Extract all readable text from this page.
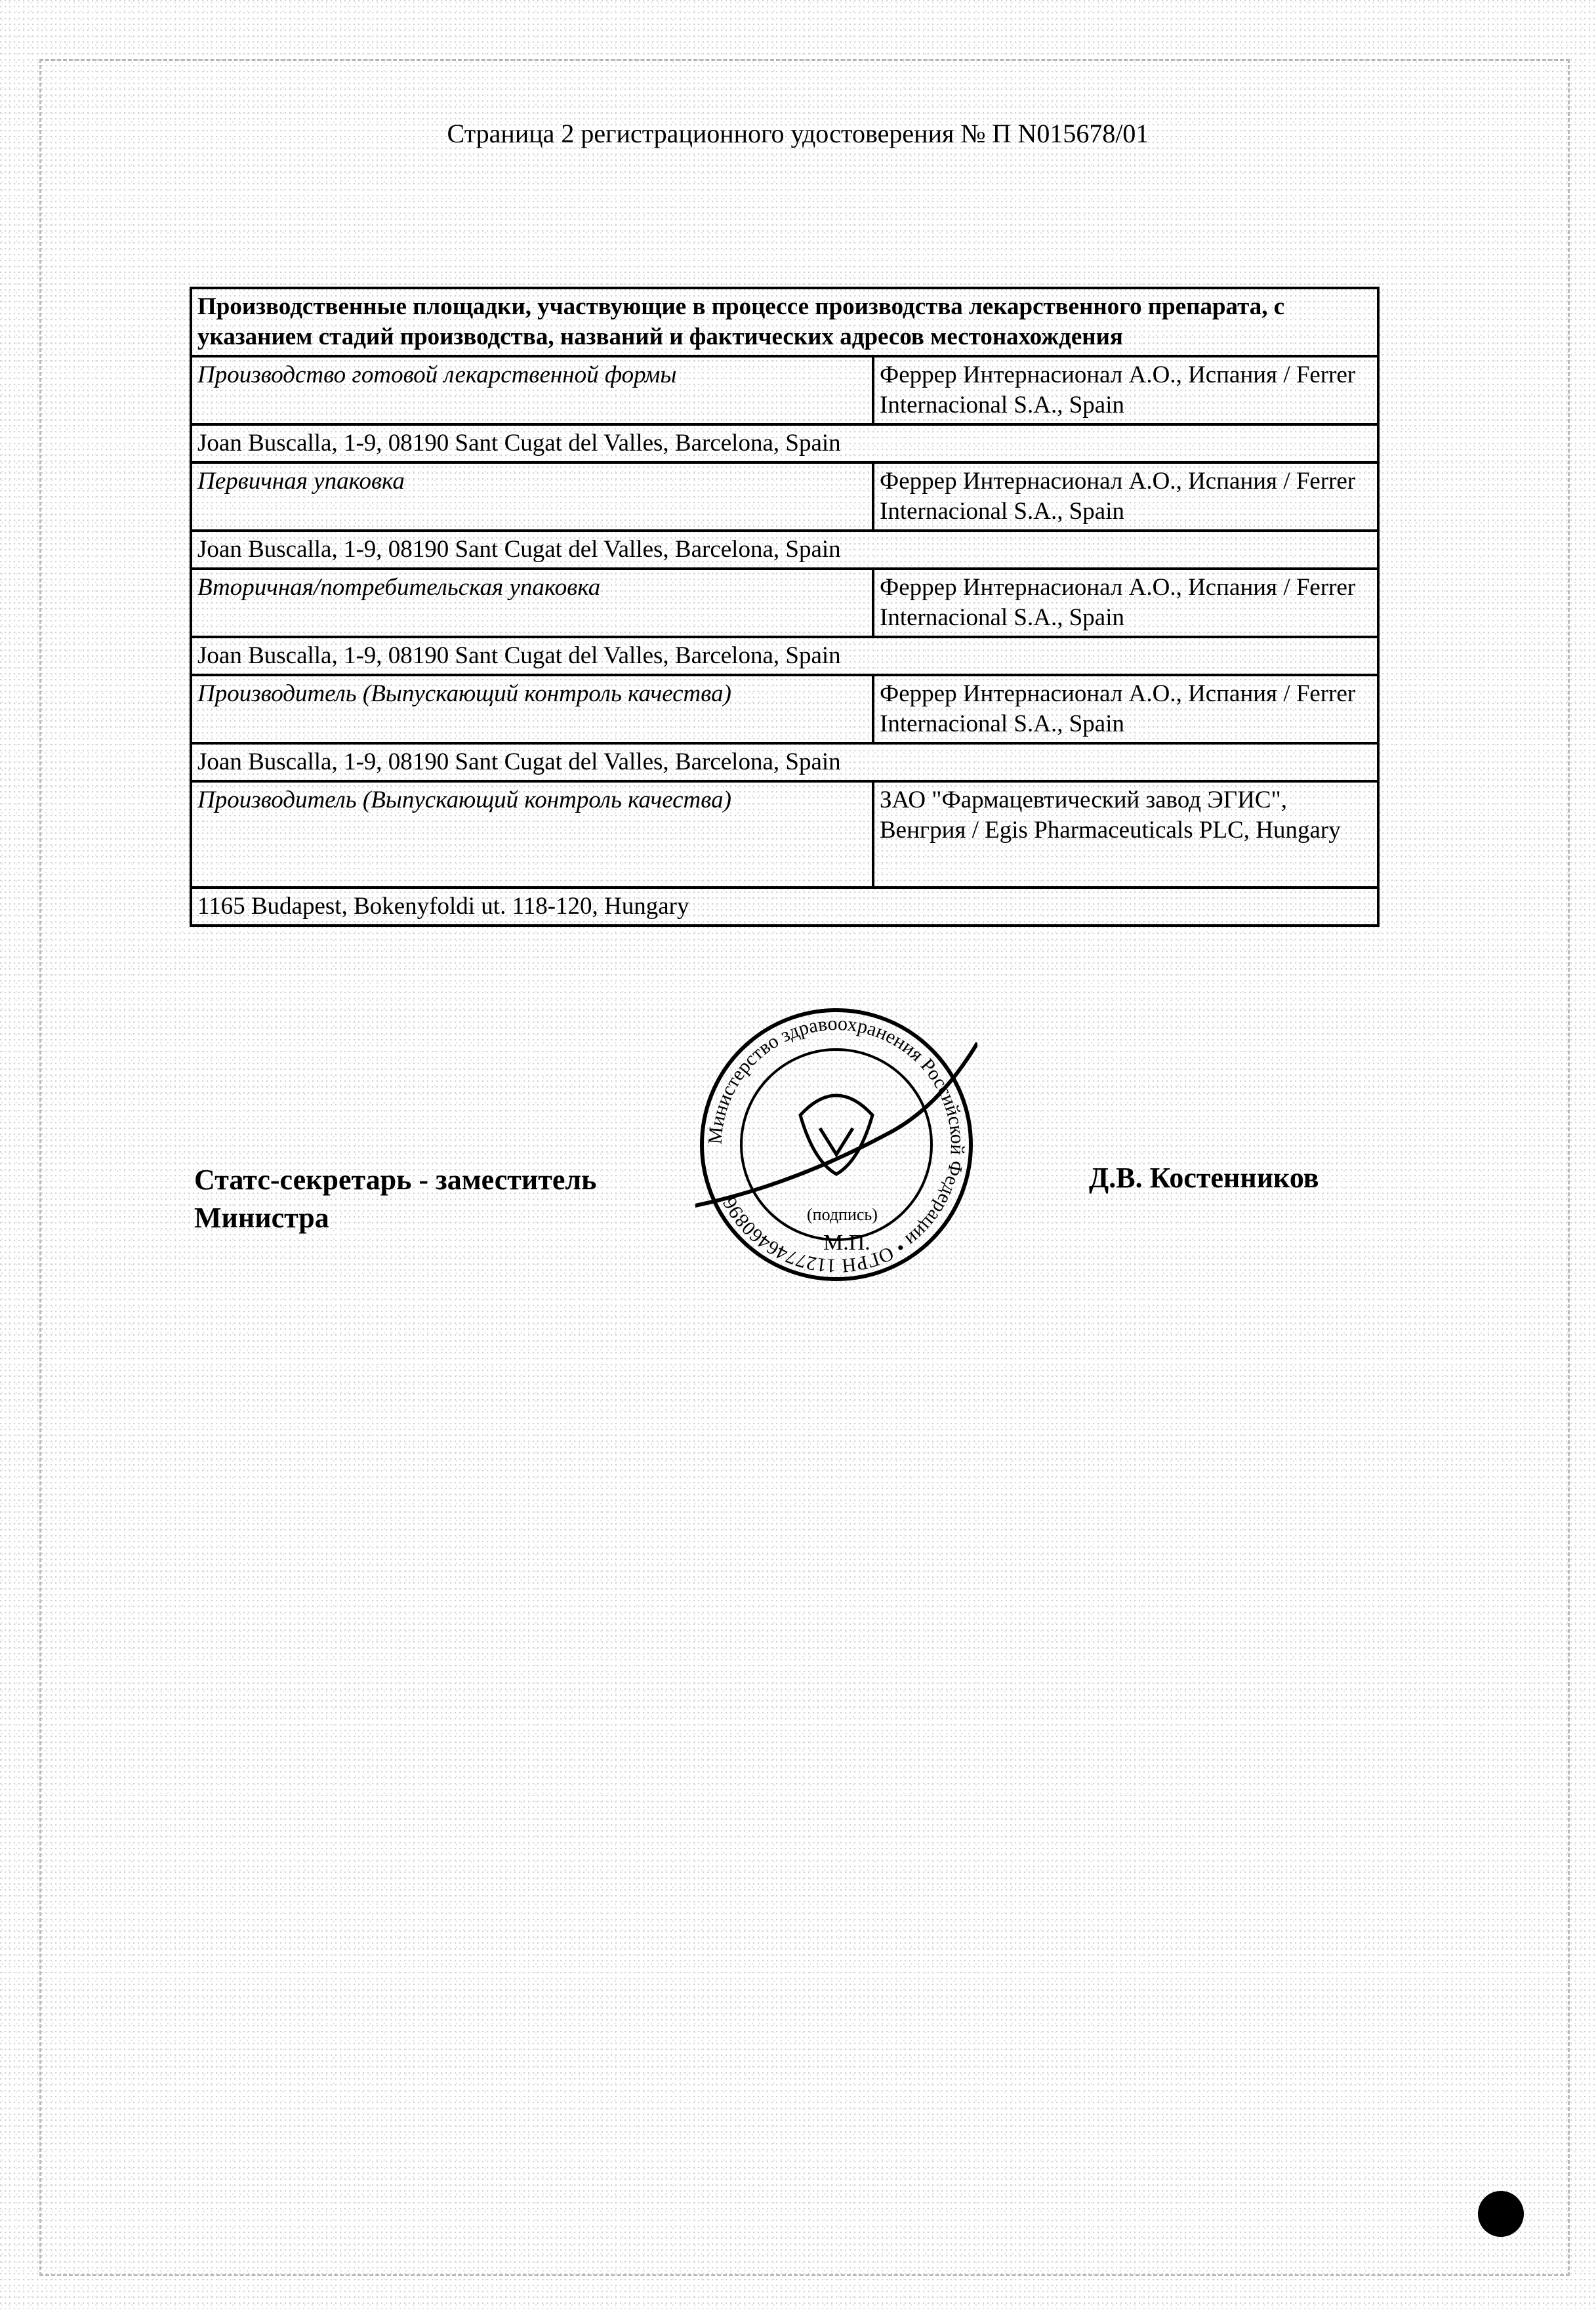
Страница 2 регистрационного удостоверения № П N015678/01
Производственные площадки, участвующие в процессе производства лекарственного препарата, с указанием стадий производства, названий и фактических адресов местонахождения	
Производство готовой лекарственной формы	Феррер Интернасионал А.О., Испания / Ferrer Internacional S.A., Spain
Joan Buscalla, 1-9, 08190 Sant Cugat del Valles, Barcelona, Spain	
Первичная упаковка	Феррер Интернасионал А.О., Испания / Ferrer Internacional S.A., Spain
Joan Buscalla, 1-9, 08190 Sant Cugat del Valles, Barcelona, Spain	
Вторичная/потребительская упаковка	Феррер Интернасионал А.О., Испания / Ferrer Internacional S.A., Spain
Joan Buscalla, 1-9, 08190 Sant Cugat del Valles, Barcelona, Spain	
Производитель (Выпускающий контроль качества)	Феррер Интернасионал А.О., Испания / Ferrer Internacional S.A., Spain
Joan Buscalla, 1-9, 08190 Sant Cugat del Valles, Barcelona, Spain	
Производитель (Выпускающий контроль качества)	ЗАО "Фармацевтический завод ЭГИС", Венгрия / Egis Pharmaceuticals PLC, Hungary
1165 Budapest, Bokenyfoldi ut. 118-120, Hungary	
Статс-секретарь - заместитель
Министра
Д.В. Костенников
Министерство здравоохранения Российской Федерации • ОГРН 1127746460896
(подпись)
М.П.
